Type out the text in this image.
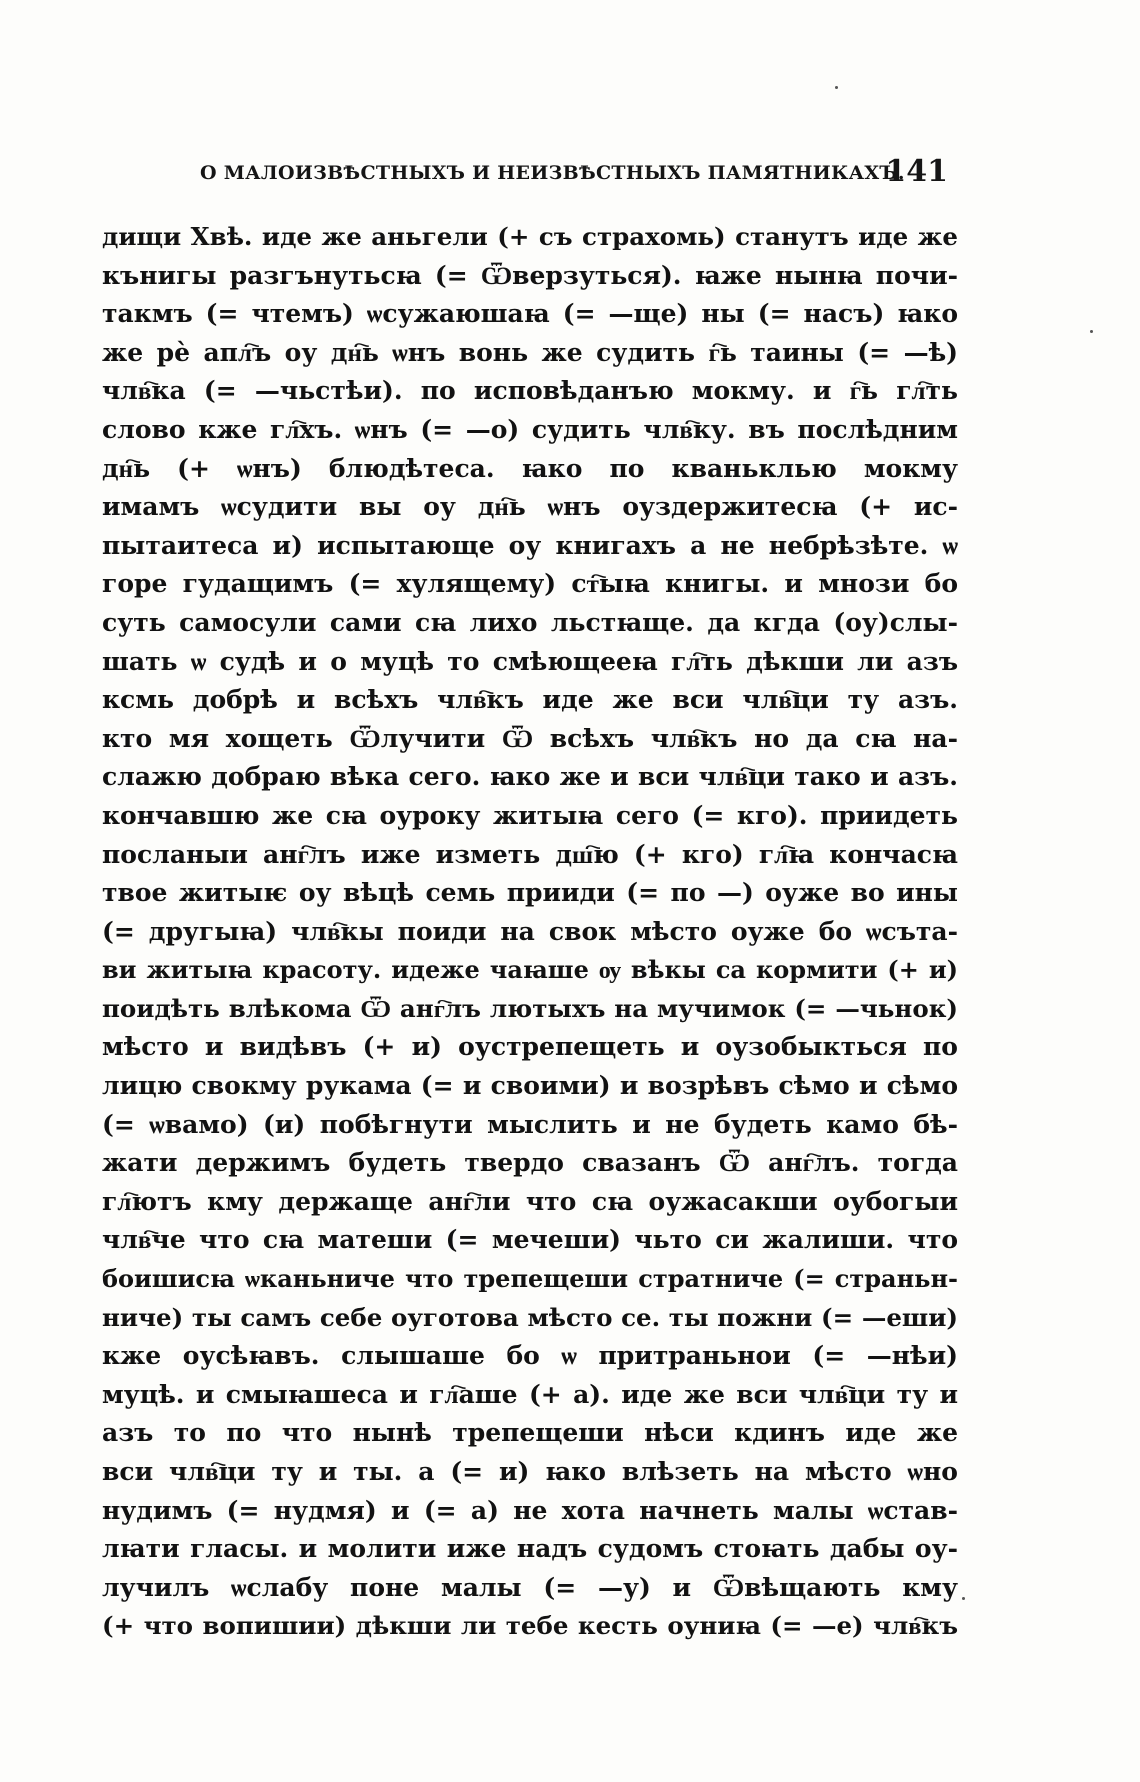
О МАЛОИЗВѢСТНЫХЪ И НЕИЗВѢСТНЫХЪ ПАМЯТНИКАХЪ.
141
дищи Хвѣ. иде же аньгели (+ съ страхомь) станутъ иде же
кънигы разгънутьсꙗ (= Ѿверзуться). ꙗже нынꙗ почи-
такмъ (= чтемъ) ѡсужаюшаꙗ (= —ще) ны (= насъ) ꙗко
же рѐ апл҇ъ оу дн҇ь ѡнъ вонь же судить г҇ь таины (= —ѣ)
члв҇ка (= —чьстѣи). по исповѣданъю мокму. и г҇ь гл҇ть
слово кже гл҇хъ. ѡнъ (= —о) судить члв҇ку. въ послѣдним
дн҇ь (+ ѡнъ) блюдѣтеса. ꙗко по кваньклью мокму
имамъ ѡсудити вы оу дн҇ь ѡнъ оуздержитесꙗ (+ ис-
пытаитеса и) испытающе оу книгахъ а не небрѣзѣте. ѡ
горе гудащимъ (= хулящему) ст҇ыꙗ книгы. и мнози бо
суть самосули сами сꙗ лихо льстꙗще. да кгда (оу)слы-
шать ѡ судѣ и о муцѣ то смѣющееꙗ гл҇ть дѣкши ли азъ
ксмь добрѣ и всѣхъ члв҇къ иде же вси члв҇ци ту азъ.
кто мя хощеть Ѿлучити Ѿ всѣхъ члв҇къ но да сꙗ на-
слажю добраю вѣка сего. ꙗко же и вси члв҇ци тако и азъ.
кончавшю же сꙗ оуроку житыꙗ сего (= кго). приидеть
посланыи анг҇лъ иже изметь дш҇ю (+ кго) гл҇ꙗ кончасꙗ
твое житыѥ оу вѣцѣ семь прииди (= по —) оуже во ины
(= другыꙗ) члв҇кы поиди на свок мѣсто оуже бо ѡсъта-
ви житыꙗ красоту. идеже чаꙗше ѹ вѣкы са кормити (+ и)
поидѣть влѣкома Ѿ анг҇лъ лютыхъ на мучимок (= —чьнок)
мѣсто и видѣвъ (+ и) оустрепещеть и оузобыкться по
лицю свокму рукама (= и своими) и возрѣвъ сѣмо и сѣмо
(= ѡвамо) (и) побѣгнути мыслить и не будеть камо бѣ-
жати держимъ будеть твердо свазанъ Ѿ анг҇лъ. тогда
гл҇ютъ кму держаще анг҇ли что сꙗ оужасакши оубогыи
члв҇че что сꙗ матеши (= мечеши) чьто си жалиши. что
боишисꙗ ѡканьниче что трепещеши стратниче (= страньн-
ниче) ты самъ себе оуготова мѣсто се. ты пожни (= —еши)
кже оусѣꙗвъ. слышаше бо ѡ притраньнои (= —нѣи)
муцѣ. и смыꙗшеса и гл҇аше (+ а). иде же вси члв҇ци ту и
азъ то по что нынѣ трепещеши нѣси кдинъ иде же
вси члв҇ци ту и ты. а (= и) ꙗко влѣзеть на мѣсто ѡно
нудимъ (= нудмя) и (= а) не хота начнеть малы ѡстав-
лꙗти гласы. и молити иже надъ судомъ стоꙗть дабы оу-
лучилъ ѡслабу поне малы (= —у) и Ѿвѣщають кму
(+ что вопишии) дѣкши ли тебе кесть оуниꙗ (= —е) члв҇къ
